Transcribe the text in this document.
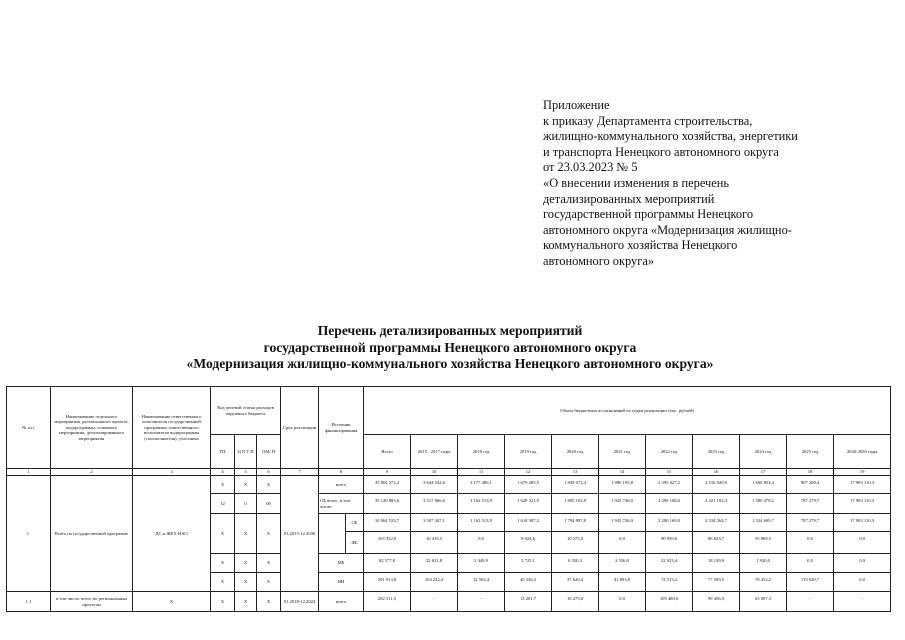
Приложение
к приказу Департамента строительства,
жилищно-коммунального хозяйства, энергетики
и транспорта Ненецкого автономного округа
от 23.03.2023 № 5
«О внесении изменения в перечень
детализированных мероприятий
государственной программы Ненецкого
автономного округа «Модернизация жилищно-
коммунального хозяйства Ненецкого
автономного округа»
Перечень детализированных мероприятий
государственной программы Ненецкого автономного округа
«Модернизация жилищно-коммунального хозяйства Ненецкого автономного округа»
№ п.п.	Наименование отдельного мероприятия, регионального проекта, подпрограммы, основного мероприятия, детализированного мероприятия	Наименование ответственного исполнителя государственной программы, ответственного исполнителя подпрограммы (соисполнителя), участника	Код целевой статьи расходов окружного бюджета			Срок реализации	Источник финансирования		Объем бюджетных ассигнований по годам реализации (тыс. рублей)										
			ГП	Ц П Г П	ОМ/ П				Всего	2015 - 2017 годы	2018 год	2019 год	2020 год	2021 год	2022 год	2023 год	2024 год	2025 год	2026-2030 годы
1	2	3	4	5	6	7	8		9	10	11	12	13	14	15	16	17	18	19
1.	Всего по государственной программе	ДС и ЖКХ НАО	Х	Х	Х	01.2015-12.2030	всего		35 804 372,2	3 644 342,6	1 177 486,1	1 679 285,5	1 849 072,4	1 990 195,8	2 395 627,2	2 516 920,9	1 660 854,4	907 200,4	17 983 110,3
			12	0	00		ОБ всего, в том числе:		35 129 883,6	3 517 866,6	1 162 513,9	1 628 321,9	1 805 102,8	1 945 746,0	2 290 108,6	2 421 192,4	1 580 478,2	787 279,7	17 983 110,3
			Х	Х	Х			ОБ	34 964 523,7	3 507 447,1	1 162 513,9	1 618 397,2	1 794 897,8	1 945 746,0	2 200 169,0	2 334 364,7	1 524 609,7	787 279,7	17 983 110,3
								ФБ	165 352,9	10 419,5	0,0	9 924,6	10 275,0	0,0	90 939,6	86 823,7	35 868,5	0,0	0,0
			Х	Х	Х		МБ		82 577,8	22 631,8	2 449,9	5 725,1	6 350,3	2 556,0	22 923,4	18 139,0	1 920,0	0,0	0,0
			Х	Х	Х		ИИ		591 913,8	104 242,4	12 504,4	45 236,2	37 620,4	41 893,8	74 513,2	77 509,5	78 452,2	119 920,7	0,0
1.1	в том числе: всего по региональным проектам	Х	Х	Х	Х	01.2018-12.2024	всего		282 511,5	-	-	13 201,7	10 275,0	0,0	105 480,6	99 456,9	63 097,3	-	-
